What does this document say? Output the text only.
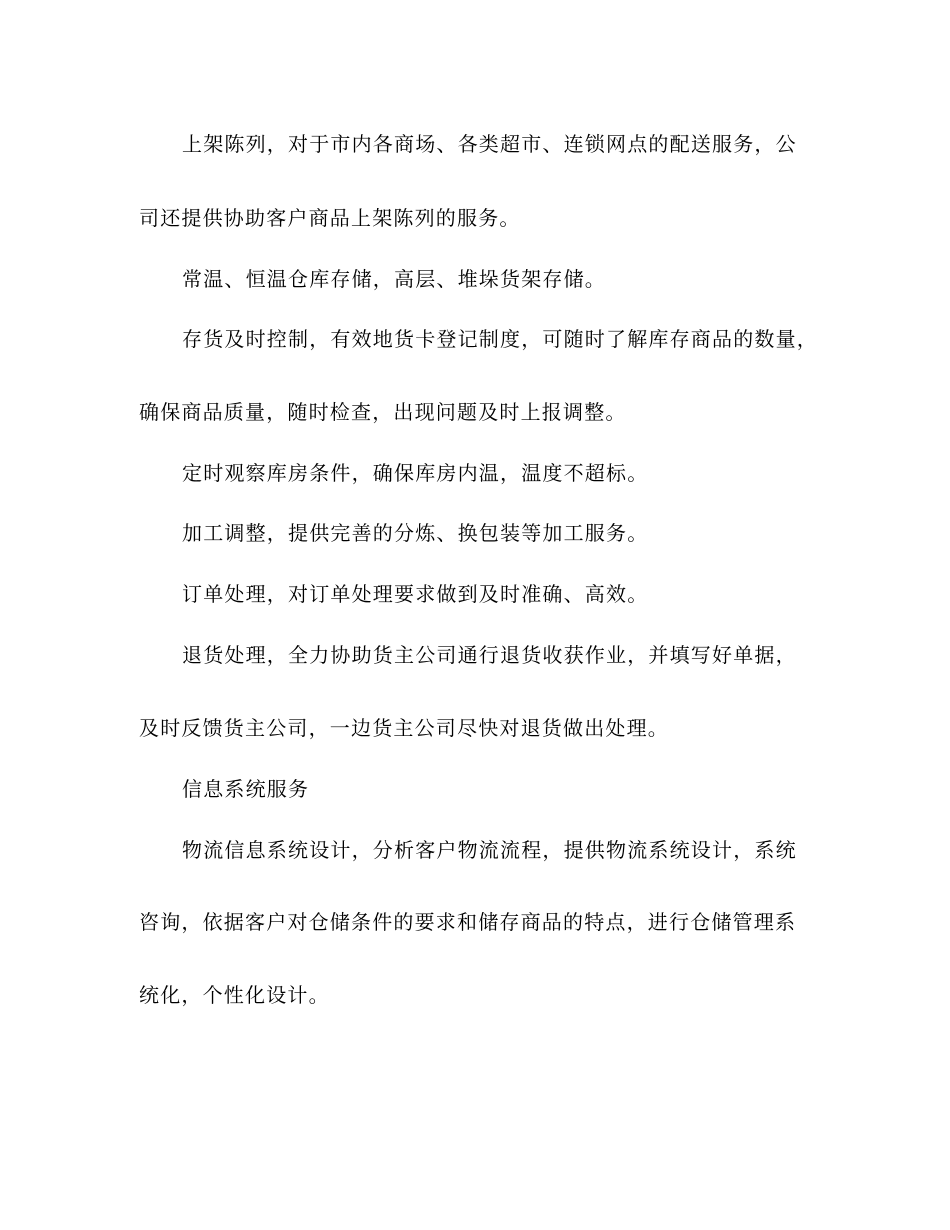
上架陈列，对于市内各商场、各类超市、连锁网点的配送服务，公

司还提供协助客户商品上架陈列的服务。

常温、恒温仓库存储，高层、堆垛货架存储。

存货及时控制，有效地货卡登记制度，可随时了解库存商品的数量，

确保商品质量，随时检查，出现问题及时上报调整。

定时观察库房条件，确保库房内温，温度不超标。

加工调整，提供完善的分炼、换包装等加工服务。

订单处理，对订单处理要求做到及时准确、高效。

退货处理，全力协助货主公司通行退货收获作业，并填写好单据，

及时反馈货主公司，一边货主公司尽快对退货做出处理。

信息系统服务

物流信息系统设计，分析客户物流流程，提供物流系统设计，系统

咨询，依据客户对仓储条件的要求和储存商品的特点，进行仓储管理系

统化，个性化设计。
